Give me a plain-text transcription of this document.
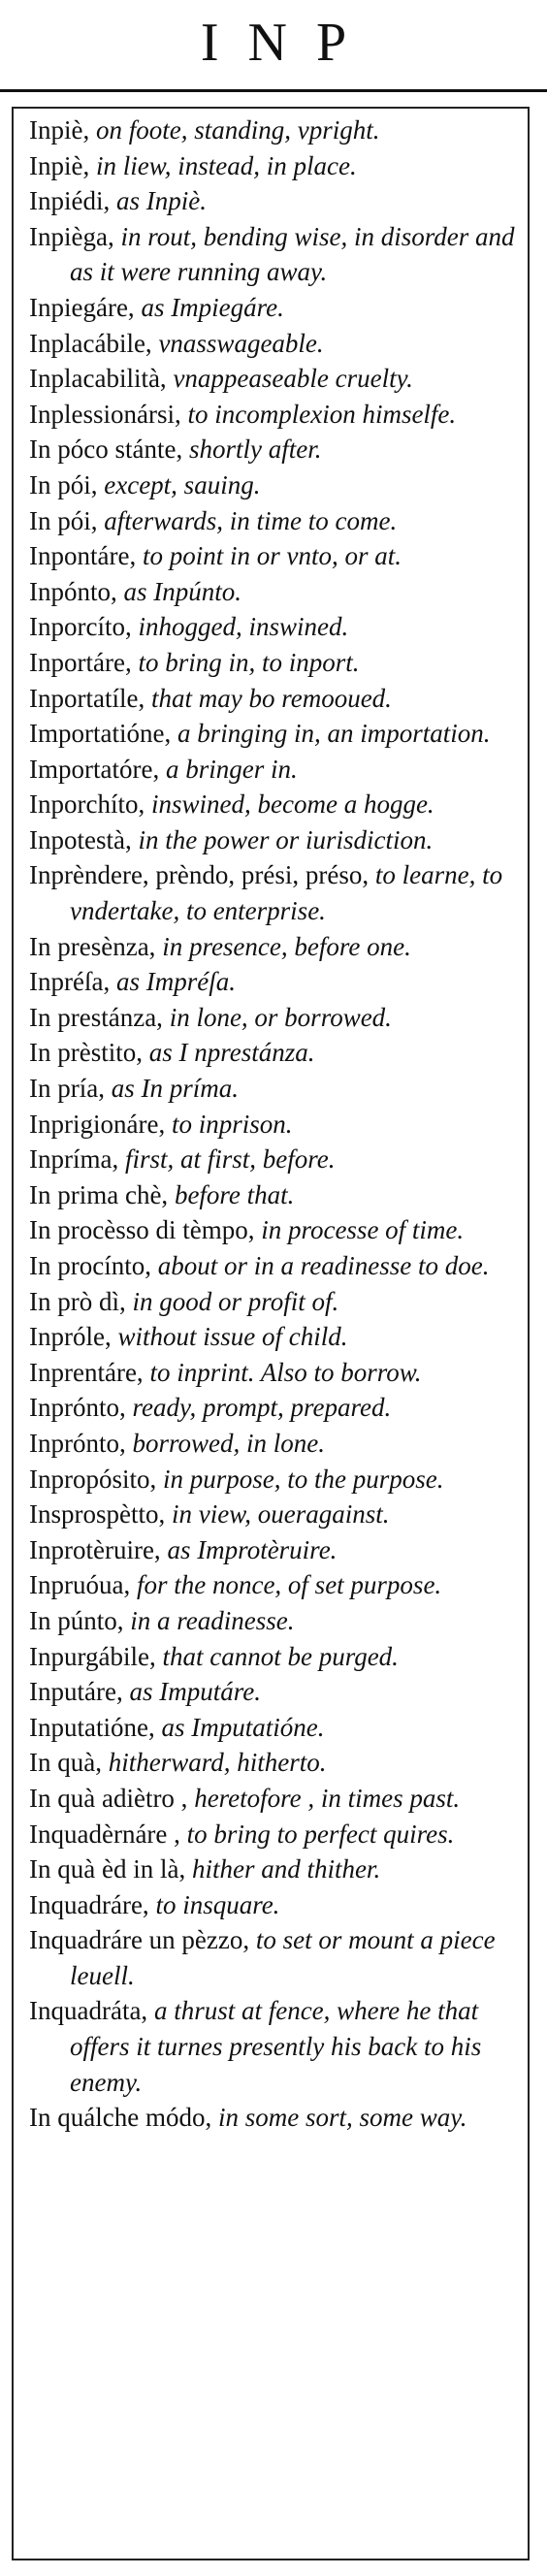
INP
Inpiè, on foote, standing, vpright.
Inpiè, in liew, instead, in place.
Inpiédi, as Inpiè.
Inpièga, in rout, bending wise, in disorder and as it were running away.
Inpiegáre, as Impiegáre.
Inplacábile, vnasswageable.
Inplacabilità, vnappeaseable cruelty.
Inplessionársi, to incomplexion himselfe.
In póco stánte, shortly after.
In pói, except, sauing.
In pói, afterwards, in time to come.
Inpontáre, to point in or vnto, or at.
Inpónto, as Inpúnto.
Inporcíto, inhogged, inswined.
Inportáre, to bring in, to inport.
Inportatíle, that may bo remooued.
Importatióne, a bringing in, an importation.
Importatóre, a bringer in.
Inporchíto, inswined, become a hogge.
Inpotestà, in the power or iurisdiction.
Inprèndere, prèndo, prési, préso, to learne, to vndertake, to enterprise.
In presènza, in presence, before one.
Inpréſa, as Impréſa.
In prestánza, in lone, or borrowed.
In prèstito, as I nprestánza.
In pría, as In príma.
Inprigionáre, to inprison.
Inpríma, first, at first, before.
In prima chè, before that.
In procèsso di tèmpo, in processe of time.
In procínto, about or in a readinesse to doe.
In prò dì, in good or profit of.
Inpróle, without issue of child.
Inprentáre, to inprint. Also to borrow.
Inprónto, ready, prompt, prepared.
Inprónto, borrowed, in lone.
Inpropósito, in purpose, to the purpose.
Insprospètto, in view, oueragainst.
Inprotèruire, as Improtèruire.
Inpruóua, for the nonce, of set purpose.
In púnto, in a readinesse.
Inpurgábile, that cannot be purged.
Inputáre, as Imputáre.
Inputatióne, as Imputatióne.
In quà, hitherward, hitherto.
In quà adiètro , heretofore , in times past.
Inquadèrnáre , to bring to perfect quires.
In quà èd in là, hither and thither.
Inquadráre, to insquare.
Inquadráre un pèzzo, to set or mount a piece leuell.
Inquadráta, a thrust at fence, where he that offers it turnes presently his back to his enemy.
In quálche módo, in some sort, some way.
